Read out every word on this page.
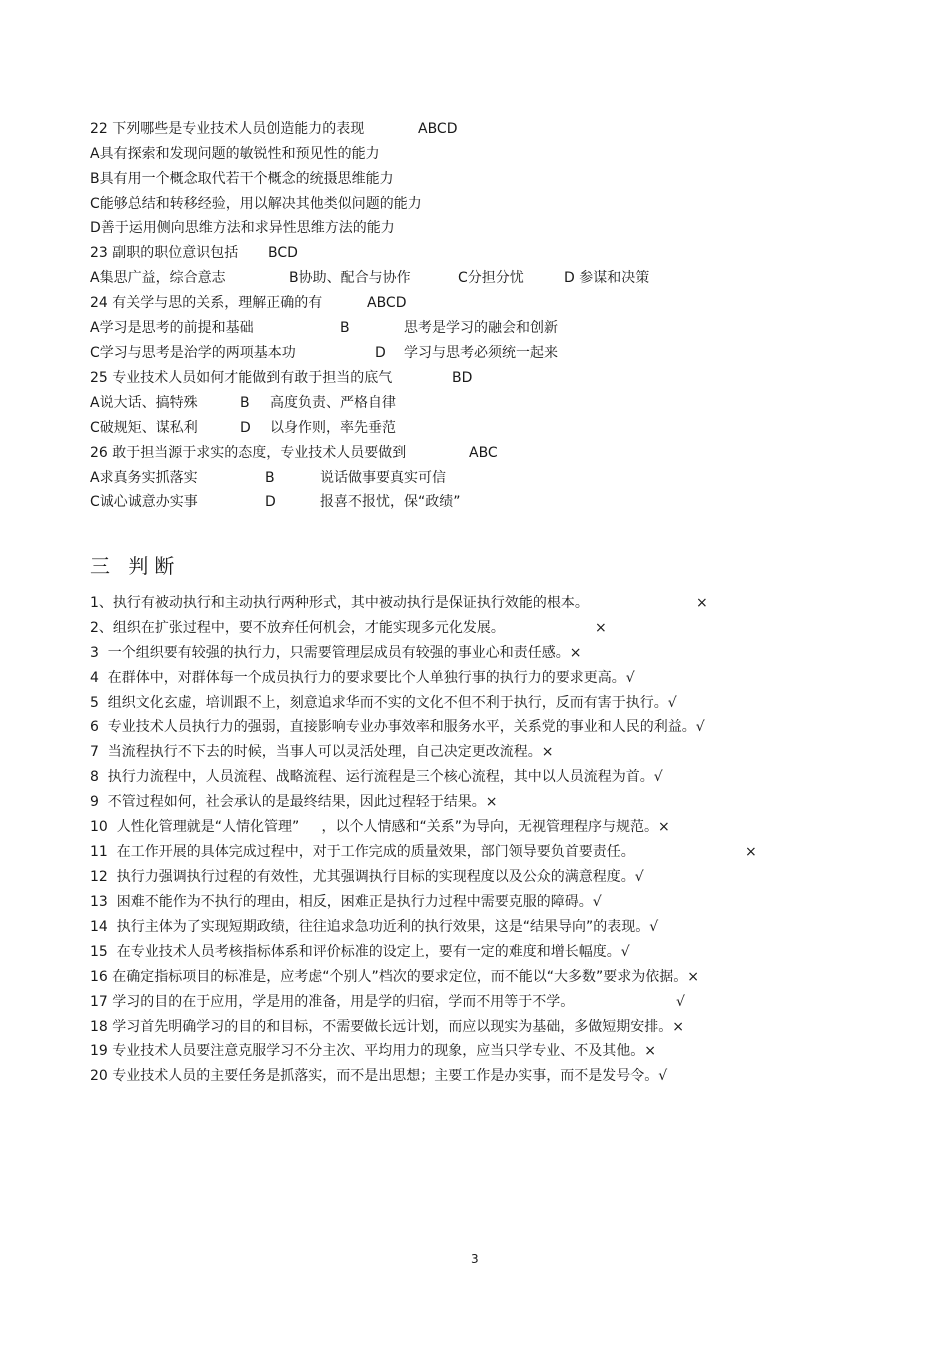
22 下列哪些是专业技术人员创造能力的表现	ABCD
A具有探索和发现问题的敏锐性和预见性的能力
B具有用一个概念取代若干个概念的统摄思维能力
C能够总结和转移经验，用以解决其他类似问题的能力
D善于运用侧向思维方法和求异性思维方法的能力
23 副职的职位意识包括 BCD
A集思广益，综合意志	B协助、配合与协作	C分担分忧	D 参谋和决策
24 有关学与思的关系，理解正确的有	ABCD
A学习是思考的前提和基础	B	思考是学习的融会和创新
C学习与思考是治学的两项基本功	D 学习与思考必须统一起来
25 专业技术人员如何才能做到有敢于担当的底气	BD
A说大话、搞特殊	B 高度负责、严格自律
C破规矩、谋私利	D 以身作则，率先垂范
26 敢于担当源于求实的态度，专业技术人员要做到	ABC
A求真务实抓落实	B	说话做事要真实可信
C诚心诚意办实事	D	报喜不报忧，保“政绩”
三 判断
1、执行有被动执行和主动执行两种形式，其中被动执行是保证执行效能的根本。	×
2、组织在扩张过程中，要不放弃任何机会，才能实现多元化发展。	×
3  一个组织要有较强的执行力，只需要管理层成员有较强的事业心和责任感。×
4  在群体中，对群体每一个成员执行力的要求要比个人单独行事的执行力的要求更高。√
5  组织文化玄虚，培训跟不上，刻意追求华而不实的文化不但不利于执行，反而有害于执行。√
6  专业技术人员执行力的强弱，直接影响专业办事效率和服务水平，关系党的事业和人民的利益。√
7  当流程执行不下去的时候，当事人可以灵活处理，自己决定更改流程。×
8  执行力流程中，人员流程、战略流程、运行流程是三个核心流程，其中以人员流程为首。√
9  不管过程如何，社会承认的是最终结果，因此过程轻于结果。×
10  人性化管理就是“人情化管理”     ，以个人情感和“关系”为导向，无视管理程序与规范。×
11  在工作开展的具体完成过程中，对于工作完成的质量效果，部门领导要负首要责任。	×
12  执行力强调执行过程的有效性，尤其强调执行目标的实现程度以及公众的满意程度。√
13  困难不能作为不执行的理由，相反，困难正是执行力过程中需要克服的障碍。√
14  执行主体为了实现短期政绩，往往追求急功近利的执行效果，这是“结果导向”的表现。√
15  在专业技术人员考核指标体系和评价标准的设定上，要有一定的难度和增长幅度。√
16 在确定指标项目的标准是，应考虑“个别人”档次的要求定位，而不能以“大多数”要求为依据。×
17 学习的目的在于应用，学是用的准备，用是学的归宿，学而不用等于不学。	√
18 学习首先明确学习的目的和目标，不需要做长远计划，而应以现实为基础，多做短期安排。×
19 专业技术人员要注意克服学习不分主次、平均用力的现象，应当只学专业、不及其他。×
20 专业技术人员的主要任务是抓落实，而不是出思想；主要工作是办实事，而不是发号令。√
3
